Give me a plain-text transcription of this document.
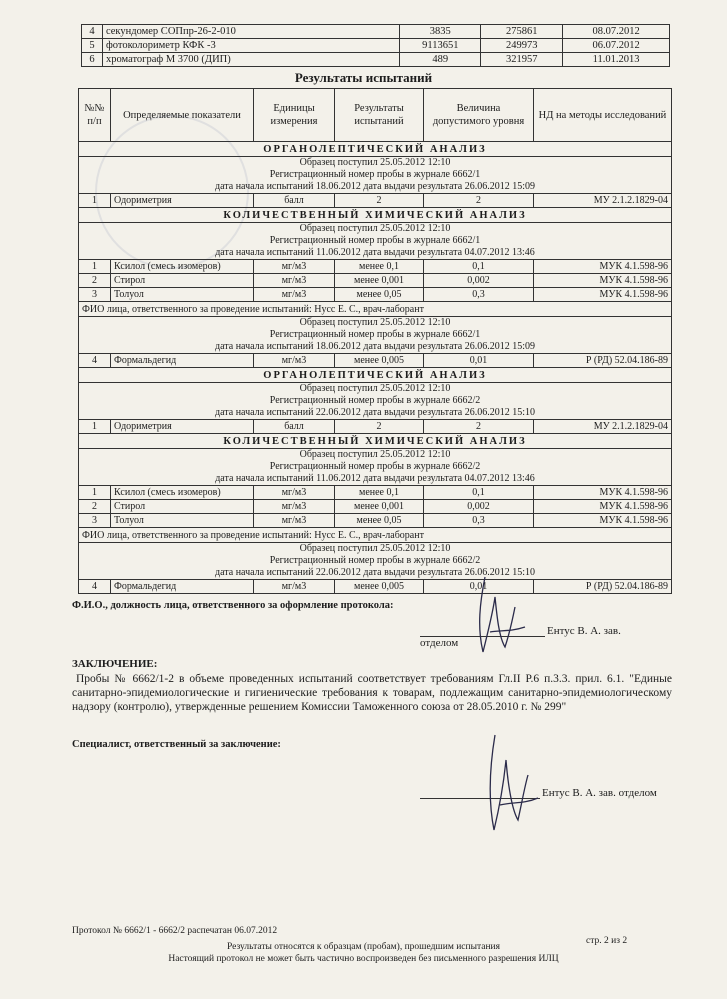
4	секундомер СОПпр-26-2-010	3835	275861	08.07.2012
5	фотоколориметр КФК -3	9113651	249973	06.07.2012
6	хроматограф М 3700 (ДИП)	489	321957	11.01.2013
Результаты испытаний
№№ п/п	Определяемые показатели	Единицы измерения	Результаты испытаний	Величина допустимого уровня	НД на методы исследований
ОРГАНОЛЕПТИЧЕСКИЙ АНАЛИЗ					

Образец поступил 25.05.2012 12:10
Регистрационный номер пробы в журнале 6662/1
дата начала испытаний 18.06.2012 дата выдачи результата 26.06.2012 15:09					

1	Одориметрия	балл	2	2	МУ 2.1.2.1829-04
КОЛИЧЕСТВЕННЫЙ ХИМИЧЕСКИЙ АНАЛИЗ					

Образец поступил 25.05.2012 12:10
Регистрационный номер пробы в журнале 6662/1
дата начала испытаний 11.06.2012 дата выдачи результата 04.07.2012 13:46					

1	Ксилол (смесь изомеров)	мг/м3	менее 0,1	0,1	МУК 4.1.598-96
2	Стирол	мг/м3	менее 0,001	0,002	МУК 4.1.598-96
3	Толуол	мг/м3	менее 0,05	0,3	МУК 4.1.598-96
ФИО лица, ответственного за проведение испытаний: Нусс Е. С., врач-лаборант					

Образец поступил 25.05.2012 12:10
Регистрационный номер пробы в журнале 6662/1
дата начала испытаний 18.06.2012 дата выдачи результата 26.06.2012 15:09					

4	Формальдегид	мг/м3	менее 0,005	0,01	Р (РД) 52.04.186-89
ОРГАНОЛЕПТИЧЕСКИЙ АНАЛИЗ					

Образец поступил 25.05.2012 12:10
Регистрационный номер пробы в журнале 6662/2
дата начала испытаний 22.06.2012 дата выдачи результата 26.06.2012 15:10					

1	Одориметрия	балл	2	2	МУ 2.1.2.1829-04
КОЛИЧЕСТВЕННЫЙ ХИМИЧЕСКИЙ АНАЛИЗ					

Образец поступил 25.05.2012 12:10
Регистрационный номер пробы в журнале 6662/2
дата начала испытаний 11.06.2012 дата выдачи результата 04.07.2012 13:46					

1	Ксилол (смесь изомеров)	мг/м3	менее 0,1	0,1	МУК 4.1.598-96
2	Стирол	мг/м3	менее 0,001	0,002	МУК 4.1.598-96
3	Толуол	мг/м3	менее 0,05	0,3	МУК 4.1.598-96
ФИО лица, ответственного за проведение испытаний: Нусс Е. С., врач-лаборант					

Образец поступил 25.05.2012 12:10
Регистрационный номер пробы в журнале 6662/2
дата начала испытаний 22.06.2012 дата выдачи результата 26.06.2012 15:10					

4	Формальдегид	мг/м3	менее 0,005	0,01	Р (РД) 52.04.186-89
Ф.И.О., должность лица, ответственного за оформление протокола:
Ентус В. А. зав. отделом
ЗАКЛЮЧЕНИЕ:
Пробы № 6662/1-2 в объеме проведенных испытаний соответствует требованиям Гл.II Р.6 п.3.3. прил. 6.1. "Единые санитарно-эпидемиологические и гигиенические требования к товарам, подлежащим санитарно-эпидемиологическому надзору (контролю), утвержденные решением Комиссии Таможенного союза от 28.05.2010 г. № 299"
Специалист, ответственный за заключение:
Ентус В. А. зав. отделом
Протокол № 6662/1 - 6662/2 распечатан 06.07.2012
стр. 2 из 2
Результаты относятся к образцам (пробам), прошедшим испытания
Настоящий протокол не может быть частично воспроизведен без письменного разрешения ИЛЦ
